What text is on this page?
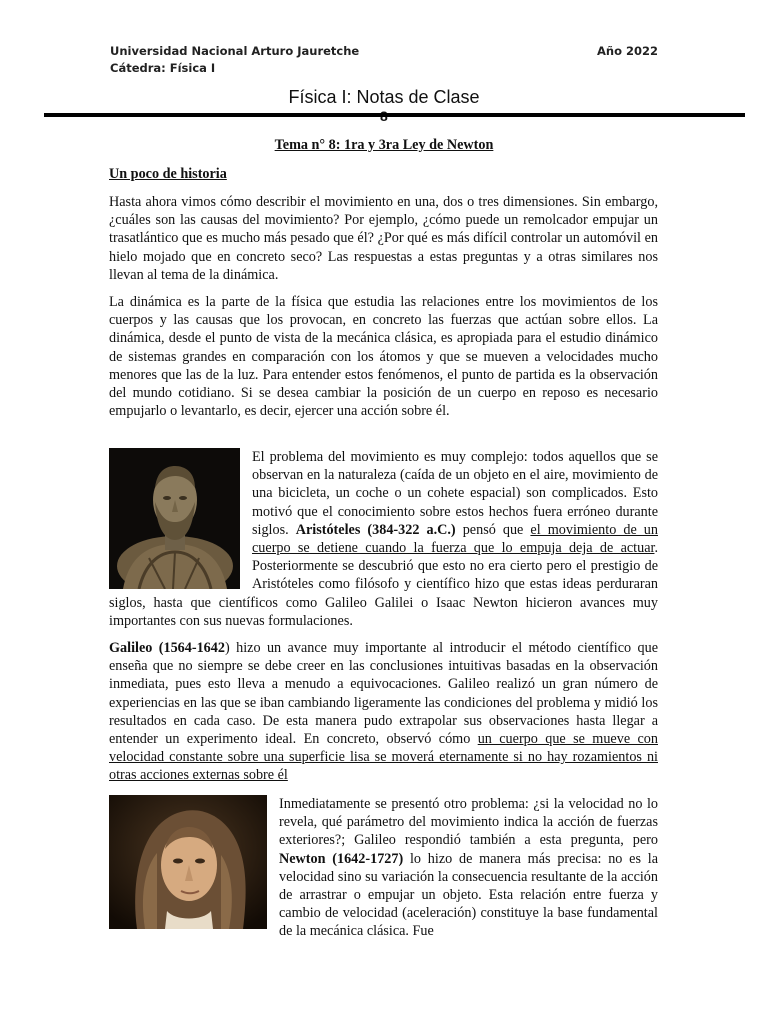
Universidad Nacional Arturo Jauretche
Cátedra: Física I
Año 2022
Física I: Notas de Clase
Tema n° 8: 1ra y 3ra Ley de Newton
Un poco de historia

Hasta ahora vimos cómo describir el movimiento en una, dos o tres dimensiones. Sin embargo, ¿cuáles son las causas del movimiento? Por ejemplo, ¿cómo puede un remolcador empujar un trasatlántico que es mucho más pesado que él? ¿Por qué es más difícil controlar un automóvil en hielo mojado que en concreto seco? Las respuestas a estas preguntas y a otras similares nos llevan al tema de la dinámica.

La dinámica es la parte de la física que estudia las relaciones entre los movimientos de los cuerpos y las causas que los provocan, en concreto las fuerzas que actúan sobre ellos. La dinámica, desde el punto de vista de la mecánica clásica, es apropiada para el estudio dinámico de sistemas grandes en comparación con los átomos y que se mueven a velocidades mucho menores que las de la luz. Para entender estos fenómenos, el punto de partida es la observación del mundo cotidiano. Si se desea cambiar la posición de un cuerpo en reposo es necesario empujarlo o levantarlo, es decir, ejercer una acción sobre él.

El problema del movimiento es muy complejo: todos aquellos que se observan en la naturaleza (caída de un objeto en el aire, movimiento de una bicicleta, un coche o un cohete espacial) son complicados. Esto motivó que el conocimiento sobre estos hechos fuera erróneo durante siglos. Aristóteles (384-322 a.C.) pensó que el movimiento de un cuerpo se detiene cuando la fuerza que lo empuja deja de actuar. Posteriormente se descubrió que esto no era cierto pero el prestigio de Aristóteles como filósofo y científico hizo que estas ideas perduraran siglos, hasta que científicos como Galileo Galilei o Isaac Newton hicieron avances muy importantes con sus nuevas formulaciones.

Galileo (1564-1642) hizo un avance muy importante al introducir el método científico que enseña que no siempre se debe creer en las conclusiones intuitivas basadas en la observación inmediata, pues esto lleva a menudo a equivocaciones. Galileo realizó un gran número de experiencias en las que se iban cambiando ligeramente las condiciones del problema y midió los resultados en cada caso. De esta manera pudo extrapolar sus observaciones hasta llegar a entender un experimento ideal. En concreto, observó cómo un cuerpo que se mueve con velocidad constante sobre una superficie lisa se moverá eternamente si no hay rozamientos ni otras acciones externas sobre él

Inmediatamente se presentó otro problema: ¿si la velocidad no lo revela, qué parámetro del movimiento indica la acción de fuerzas exteriores?; Galileo respondió también a esta pregunta, pero Newton (1642-1727) lo hizo de manera más precisa: no es la velocidad sino su variación la consecuencia resultante de la acción de arrastrar o empujar un objeto. Esta relación entre fuerza y cambio de velocidad (aceleración) constituye la base fundamental de la mecánica clásica. Fue
